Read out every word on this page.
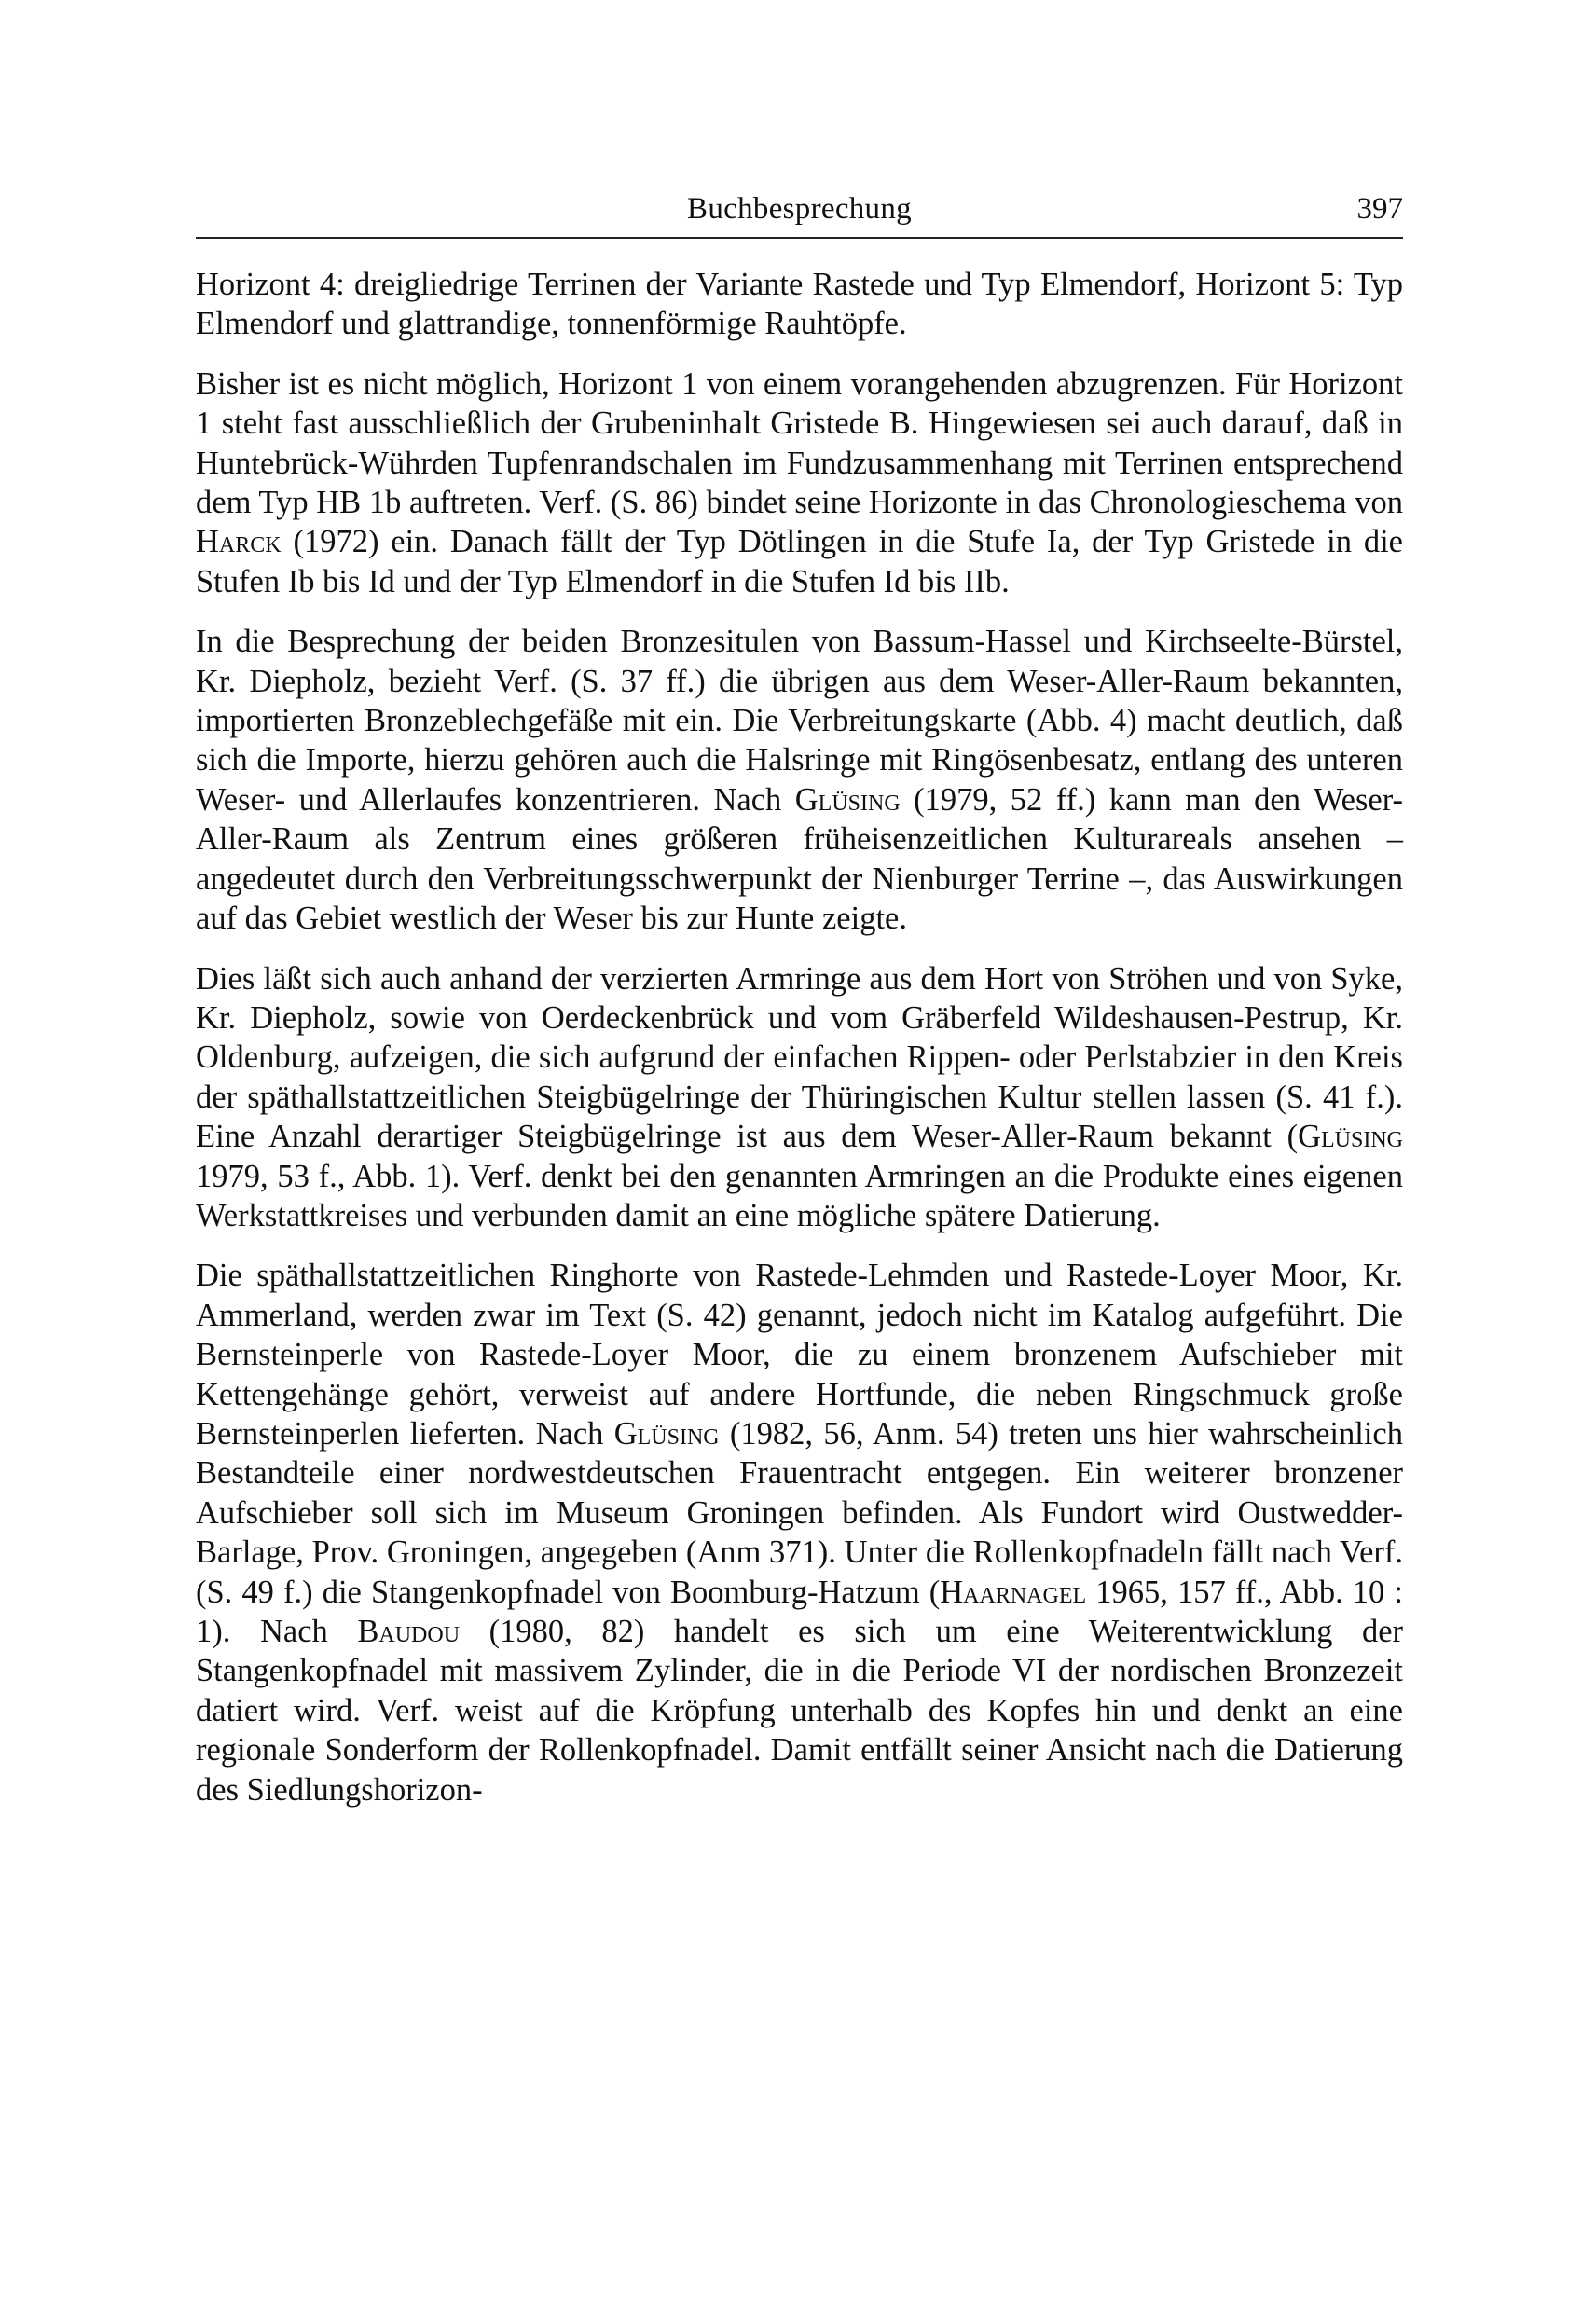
Buchbesprechung	397

Horizont 4: dreigliedrige Terrinen der Variante Rastede und Typ Elmendorf, Horizont 5: Typ Elmendorf und glattrandige, tonnenförmige Rauhtöpfe.

Bisher ist es nicht möglich, Horizont 1 von einem vorangehenden abzugrenzen. Für Horizont 1 steht fast ausschließlich der Grubeninhalt Gristede B. Hingewiesen sei auch darauf, daß in Huntebrück-Wührden Tupfenrandschalen im Fundzusammenhang mit Terrinen entsprechend dem Typ HB 1b auftreten. Verf. (S. 86) bindet seine Horizonte in das Chronologieschema von Harck (1972) ein. Danach fällt der Typ Dötlingen in die Stufe Ia, der Typ Gristede in die Stufen Ib bis Id und der Typ Elmendorf in die Stufen Id bis IIb.

In die Besprechung der beiden Bronzesitulen von Bassum-Hassel und Kirchseelte-Bürstel, Kr. Diepholz, bezieht Verf. (S. 37 ff.) die übrigen aus dem Weser-Aller-Raum bekannten, importierten Bronzeblechgefäße mit ein. Die Verbreitungskarte (Abb. 4) macht deutlich, daß sich die Importe, hierzu gehören auch die Halsringe mit Ringösenbesatz, entlang des unteren Weser- und Allerlaufes konzentrieren. Nach Glüsing (1979, 52 ff.) kann man den Weser-Aller-Raum als Zentrum eines größeren früheisenzeitlichen Kulturareals ansehen – angedeutet durch den Verbreitungsschwerpunkt der Nienburger Terrine –, das Auswirkungen auf das Gebiet westlich der Weser bis zur Hunte zeigte.

Dies läßt sich auch anhand der verzierten Armringe aus dem Hort von Ströhen und von Syke, Kr. Diepholz, sowie von Oerdeckenbrück und vom Gräberfeld Wildeshausen-Pestrup, Kr. Oldenburg, aufzeigen, die sich aufgrund der einfachen Rippen- oder Perlstabzier in den Kreis der späthallstattzeitlichen Steigbügelringe der Thüringischen Kultur stellen lassen (S. 41 f.). Eine Anzahl derartiger Steigbügelringe ist aus dem Weser-Aller-Raum bekannt (Glüsing 1979, 53 f., Abb. 1). Verf. denkt bei den genannten Armringen an die Produkte eines eigenen Werkstattkreises und verbunden damit an eine mögliche spätere Datierung.

Die späthallstattzeitlichen Ringhorte von Rastede-Lehmden und Rastede-Loyer Moor, Kr. Ammerland, werden zwar im Text (S. 42) genannt, jedoch nicht im Katalog aufgeführt. Die Bernsteinperle von Rastede-Loyer Moor, die zu einem bronzenem Aufschieber mit Kettengehänge gehört, verweist auf andere Hortfunde, die neben Ringschmuck große Bernsteinperlen lieferten. Nach Glüsing (1982, 56, Anm. 54) treten uns hier wahrscheinlich Bestandteile einer nordwestdeutschen Frauentracht entgegen. Ein weiterer bronzener Aufschieber soll sich im Museum Groningen befinden. Als Fundort wird Oustwedder-Barlage, Prov. Groningen, angegeben (Anm 371). Unter die Rollenkopfnadeln fällt nach Verf. (S. 49 f.) die Stangenkopfnadel von Boomburg-Hatzum (Haarnagel 1965, 157 ff., Abb. 10 : 1). Nach Baudou (1980, 82) handelt es sich um eine Weiterentwicklung der Stangenkopfnadel mit massivem Zylinder, die in die Periode VI der nordischen Bronzezeit datiert wird. Verf. weist auf die Kröpfung unterhalb des Kopfes hin und denkt an eine regionale Sonderform der Rollenkopfnadel. Damit entfällt seiner Ansicht nach die Datierung des Siedlungshorizon-
